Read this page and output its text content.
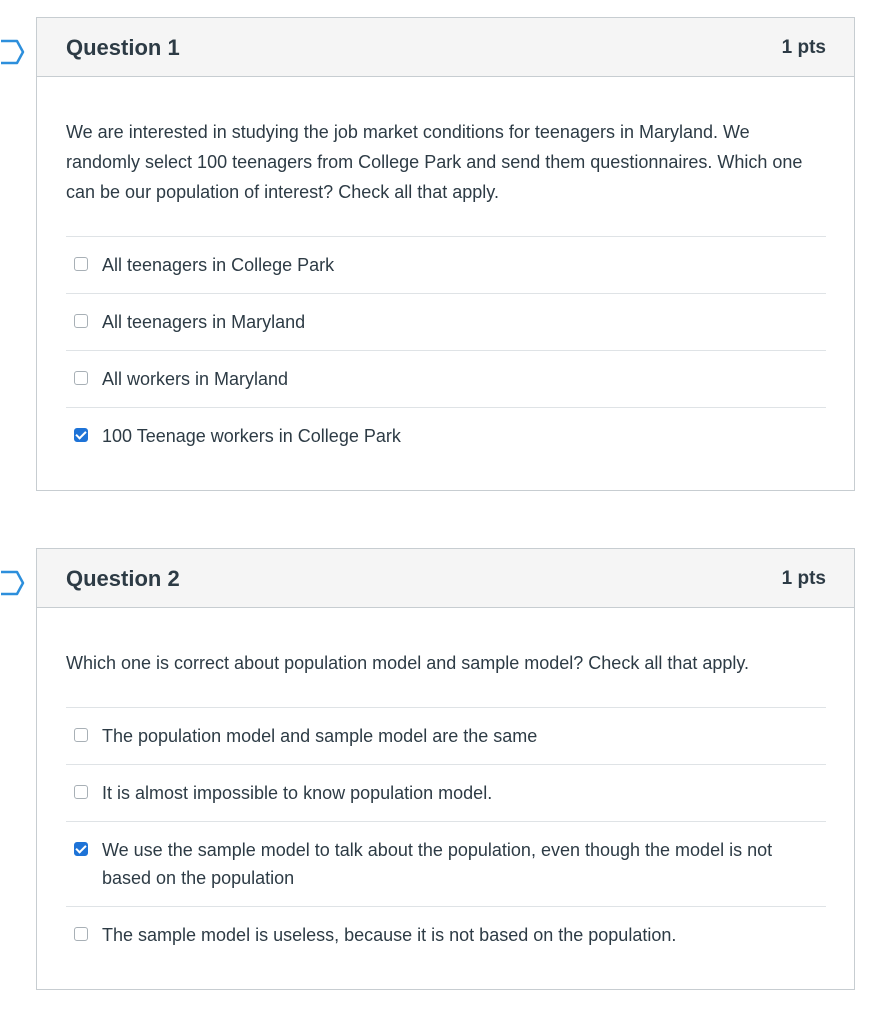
Question 1	1 pts

We are interested in studying the job market conditions for teenagers in Maryland. We randomly select 100 teenagers from College Park and send them questionnaires. Which one can be our population of interest? Check all that apply.

All teenagers in College Park
All teenagers in Maryland
All workers in Maryland
100 Teenage workers in College Park
Question 2	1 pts

Which one is correct about population model and sample model? Check all that apply.

The population model and sample model are the same
It is almost impossible to know population model.
We use the sample model to talk about the population, even though the model is not based on the population
The sample model is useless, because it is not based on the population.
